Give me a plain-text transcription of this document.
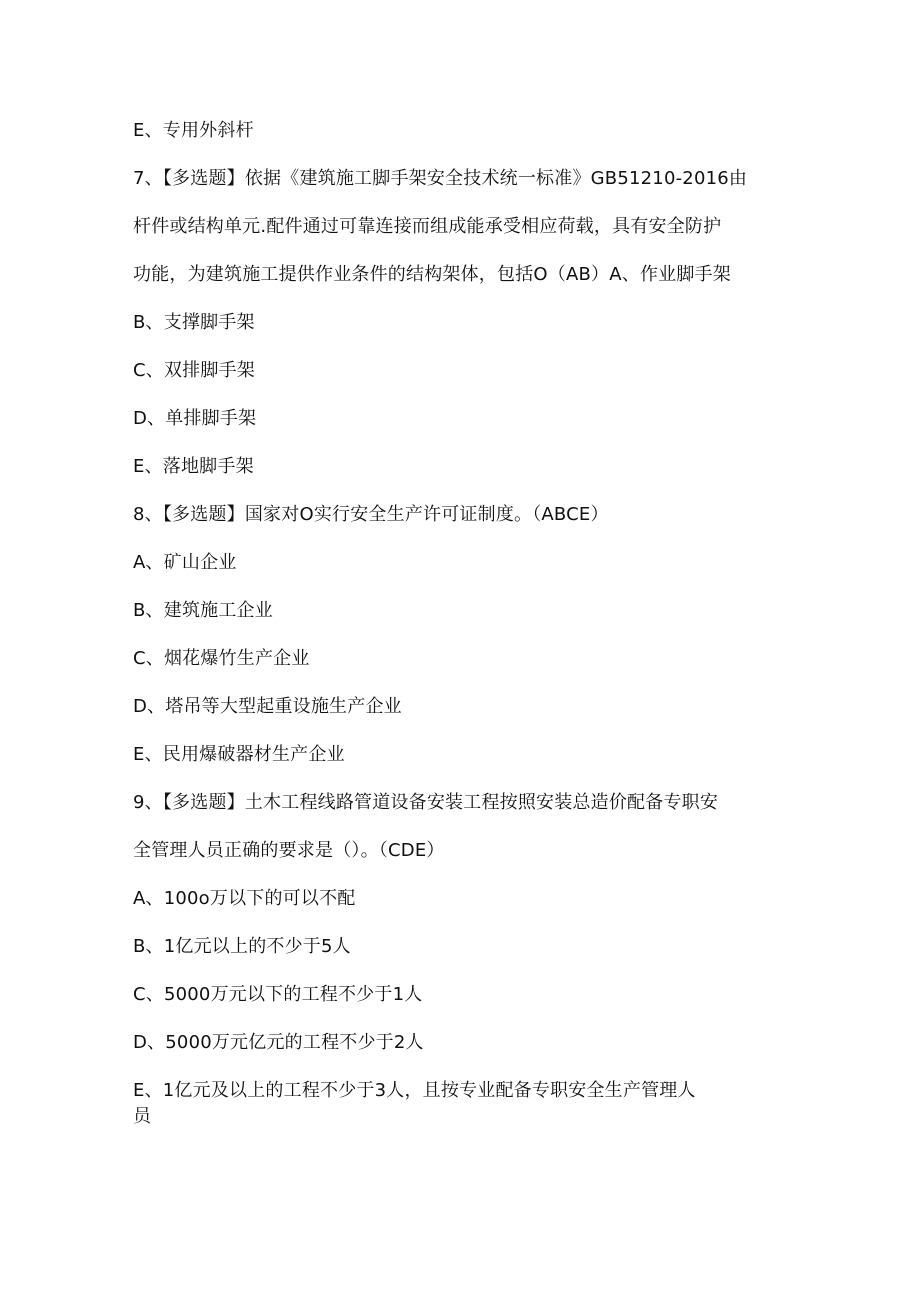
E、专用外斜杆
7、【多选题】依据《建筑施工脚手架安全技术统一标准》GB51210-2016由
杆件或结构单元.配件通过可靠连接而组成能承受相应荷载，具有安全防护
功能，为建筑施工提供作业条件的结构架体，包括O（AB）A、作业脚手架
B、支撑脚手架
C、双排脚手架
D、单排脚手架
E、落地脚手架
8、【多选题】国家对O实行安全生产许可证制度。（ABCE）
A、矿山企业
B、建筑施工企业
C、烟花爆竹生产企业
D、塔吊等大型起重设施生产企业
E、民用爆破器材生产企业
9、【多选题】土木工程线路管道设备安装工程按照安装总造价配备专职安
全管理人员正确的要求是（）。（CDE）
A、100o万以下的可以不配
B、1亿元以上的不少于5人
C、5000万元以下的工程不少于1人
D、5000万元亿元的工程不少于2人
E、1亿元及以上的工程不少于3人，且按专业配备专职安全生产管理人
员
